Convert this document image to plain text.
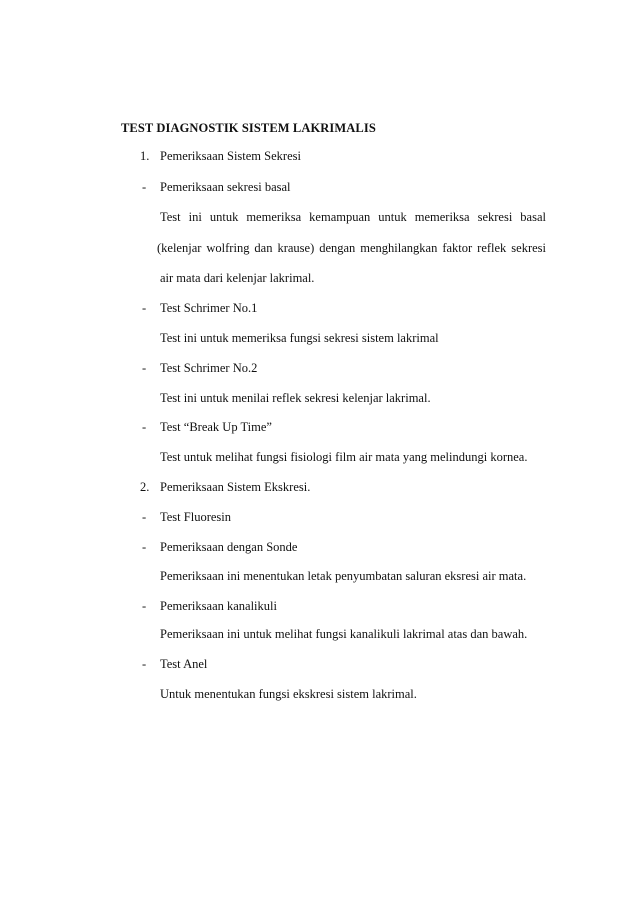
TEST DIAGNOSTIK SISTEM LAKRIMALIS
1. Pemeriksaan Sistem Sekresi
- Pemeriksaan sekresi basal
Test ini untuk memeriksa kemampuan untuk memeriksa sekresi basal
(kelenjar wolfring dan krause) dengan menghilangkan faktor reflek sekresi
air mata dari kelenjar lakrimal.
- Test Schrimer No.1
Test ini untuk memeriksa fungsi sekresi sistem lakrimal
- Test Schrimer No.2
Test ini untuk menilai reflek sekresi kelenjar lakrimal.
- Test “Break Up Time”
Test untuk melihat fungsi fisiologi film air mata yang melindungi kornea.
2. Pemeriksaan Sistem Ekskresi.
- Test Fluoresin
- Pemeriksaan dengan Sonde
Pemeriksaan ini menentukan letak penyumbatan saluran eksresi air mata.
- Pemeriksaan kanalikuli
Pemeriksaan ini untuk melihat fungsi kanalikuli lakrimal atas dan bawah.
- Test Anel
Untuk menentukan fungsi ekskresi sistem lakrimal.
